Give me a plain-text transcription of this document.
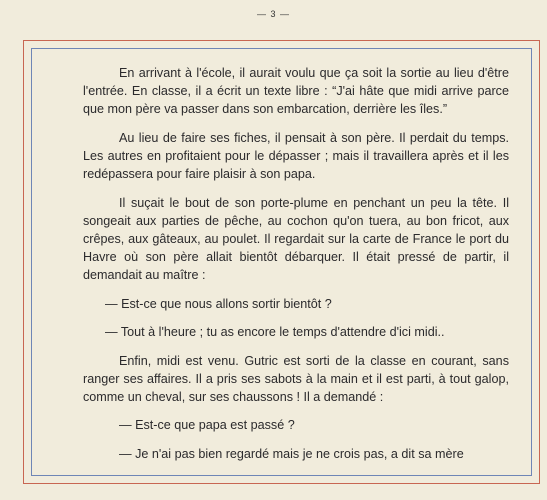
— 3 —

En arrivant à l'école, il aurait voulu que ça soit la sortie au lieu d'être l'entrée. En classe, il a écrit un texte libre : “J'ai hâte que midi arrive parce que mon père va passer dans son embarcation, derrière les îles.”

Au lieu de faire ses fiches, il pensait à son père. Il perdait du temps. Les autres en profitaient pour le dépasser ; mais il travaillera après et il les redépassera pour faire plaisir à son papa.

Il suçait le bout de son porte-plume en penchant un peu la tête. Il songeait aux parties de pêche, au cochon qu'on tuera, au bon fricot, aux crêpes, aux gâteaux, au poulet. Il regardait sur la carte de France le port du Havre où son père allait bientôt débarquer. Il était pressé de partir, il demandait au maître :

— Est-ce que nous allons sortir bientôt ?

— Tout à l'heure ; tu as encore le temps d'attendre d'ici midi..

Enfin, midi est venu. Gutric est sorti de la classe en courant, sans ranger ses affaires. Il a pris ses sabots à la main et il est parti, à tout galop, comme un cheval, sur ses chaussons ! Il a demandé :

— Est-ce que papa est passé ?

— Je n'ai pas bien regardé mais je ne crois pas, a dit sa mère
